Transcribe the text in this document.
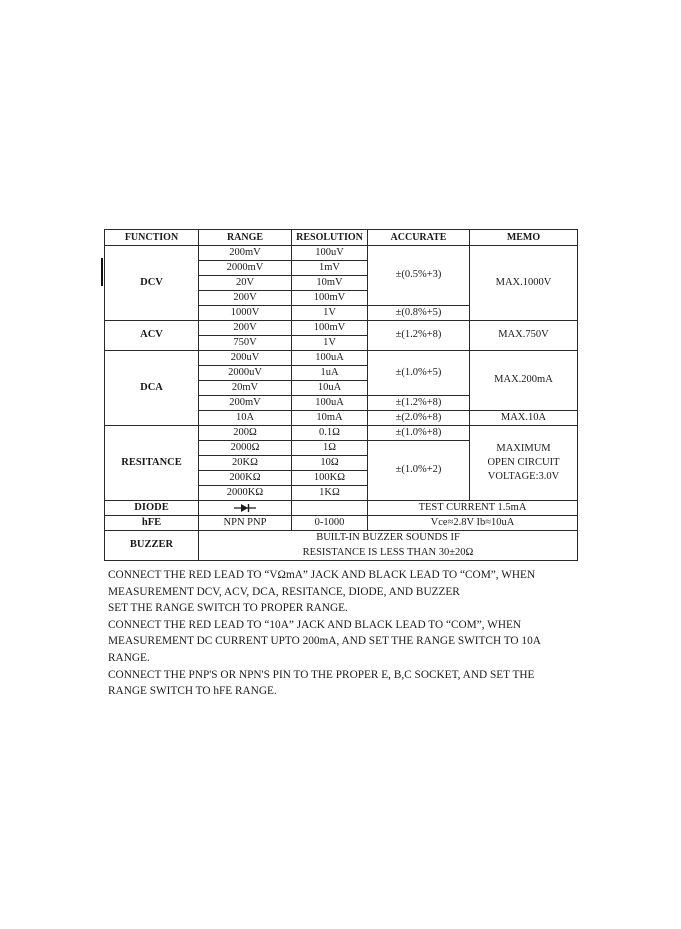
FUNCTION	RANGE	RESOLUTION	ACCURATE	MEMO
DCV	200mV	100uV	±(0.5%+3)	MAX.1000V
	2000mV	1mV		
	20V	10mV		
	200V	100mV		
	1000V	1V	±(0.8%+5)	
ACV	200V	100mV	±(1.2%+8)	MAX.750V
	750V	1V		
DCA	200uV	100uA	±(1.0%+5)	MAX.200mA
	2000uV	1uA		
	20mV	10uA		
	200mV	100uA	±(1.2%+8)	
	10A	10mA	±(2.0%+8)	MAX.10A
RESITANCE	200Ω	0.1Ω	±(1.0%+8)	MAXIMUM
OPEN CIRCUIT
VOLTAGE:3.0V

	2000Ω	1Ω	±(1.0%+2)	
	20KΩ	10Ω		
	200KΩ	100KΩ		
	2000KΩ	1KΩ		
DIODE			TEST CURRENT 1.5mA	
hFE	NPN PNP	0-1000	Vce≈2.8V Ib≈10uA	
BUZZER	BUILT-IN BUZZER SOUNDS IF
RESISTANCE IS LESS THAN 30±20Ω			

CONNECT THE RED LEAD TO “VΩmA” JACK AND BLACK LEAD TO “COM”, WHEN

MEASUREMENT DCV, ACV, DCA, RESITANCE, DIODE, AND BUZZER

SET THE RANGE SWITCH TO PROPER RANGE.

CONNECT THE RED LEAD TO “10A” JACK AND BLACK LEAD TO “COM”, WHEN

MEASUREMENT DC CURRENT UPTO 200mA, AND SET THE RANGE SWITCH TO 10A

RANGE.

CONNECT THE PNP'S OR NPN'S PIN TO THE PROPER E, B,C SOCKET, AND SET THE

RANGE SWITCH TO hFE RANGE.
